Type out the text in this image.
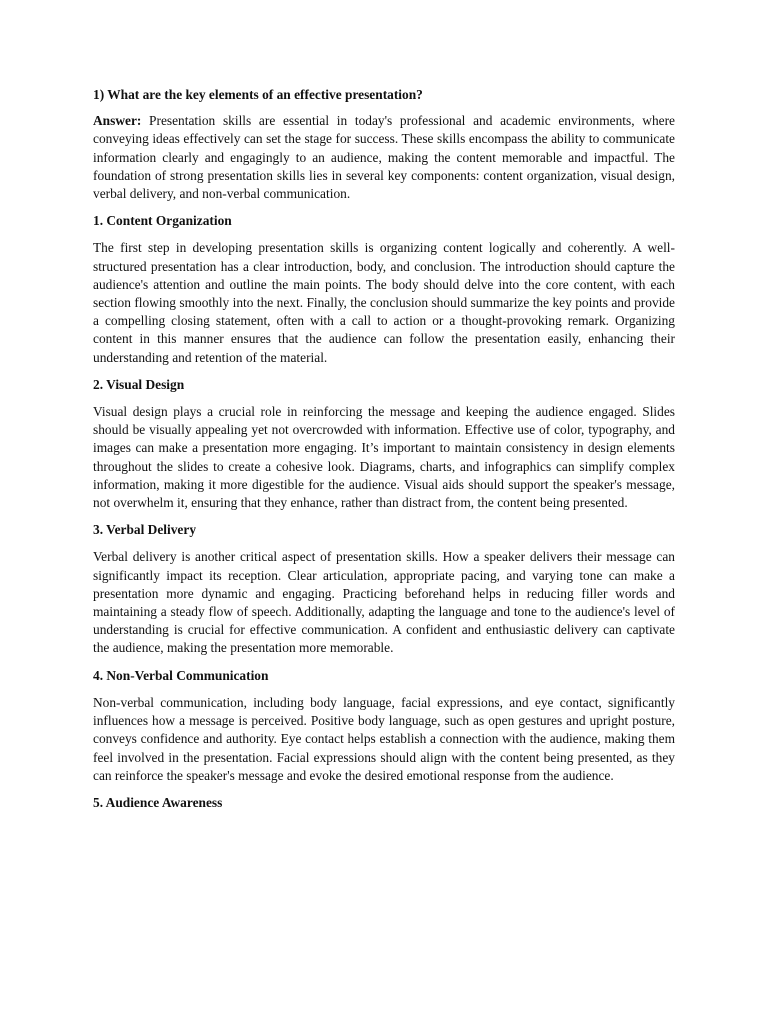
1) What are the key elements of an effective presentation?

Answer: Presentation skills are essential in today's professional and academic environments, where conveying ideas effectively can set the stage for success. These skills encompass the ability to communicate information clearly and engagingly to an audience, making the content memorable and impactful. The foundation of strong presentation skills lies in several key components: content organization, visual design, verbal delivery, and non-verbal communication.

1. Content Organization

The first step in developing presentation skills is organizing content logically and coherently. A well-structured presentation has a clear introduction, body, and conclusion. The introduction should capture the audience's attention and outline the main points. The body should delve into the core content, with each section flowing smoothly into the next. Finally, the conclusion should summarize the key points and provide a compelling closing statement, often with a call to action or a thought-provoking remark. Organizing content in this manner ensures that the audience can follow the presentation easily, enhancing their understanding and retention of the material.

2. Visual Design

Visual design plays a crucial role in reinforcing the message and keeping the audience engaged. Slides should be visually appealing yet not overcrowded with information. Effective use of color, typography, and images can make a presentation more engaging. It’s important to maintain consistency in design elements throughout the slides to create a cohesive look. Diagrams, charts, and infographics can simplify complex information, making it more digestible for the audience. Visual aids should support the speaker's message, not overwhelm it, ensuring that they enhance, rather than distract from, the content being presented.

3. Verbal Delivery

Verbal delivery is another critical aspect of presentation skills. How a speaker delivers their message can significantly impact its reception. Clear articulation, appropriate pacing, and varying tone can make a presentation more dynamic and engaging. Practicing beforehand helps in reducing filler words and maintaining a steady flow of speech. Additionally, adapting the language and tone to the audience's level of understanding is crucial for effective communication. A confident and enthusiastic delivery can captivate the audience, making the presentation more memorable.

4. Non-Verbal Communication

Non-verbal communication, including body language, facial expressions, and eye contact, significantly influences how a message is perceived. Positive body language, such as open gestures and upright posture, conveys confidence and authority. Eye contact helps establish a connection with the audience, making them feel involved in the presentation. Facial expressions should align with the content being presented, as they can reinforce the speaker's message and evoke the desired emotional response from the audience.

5. Audience Awareness
